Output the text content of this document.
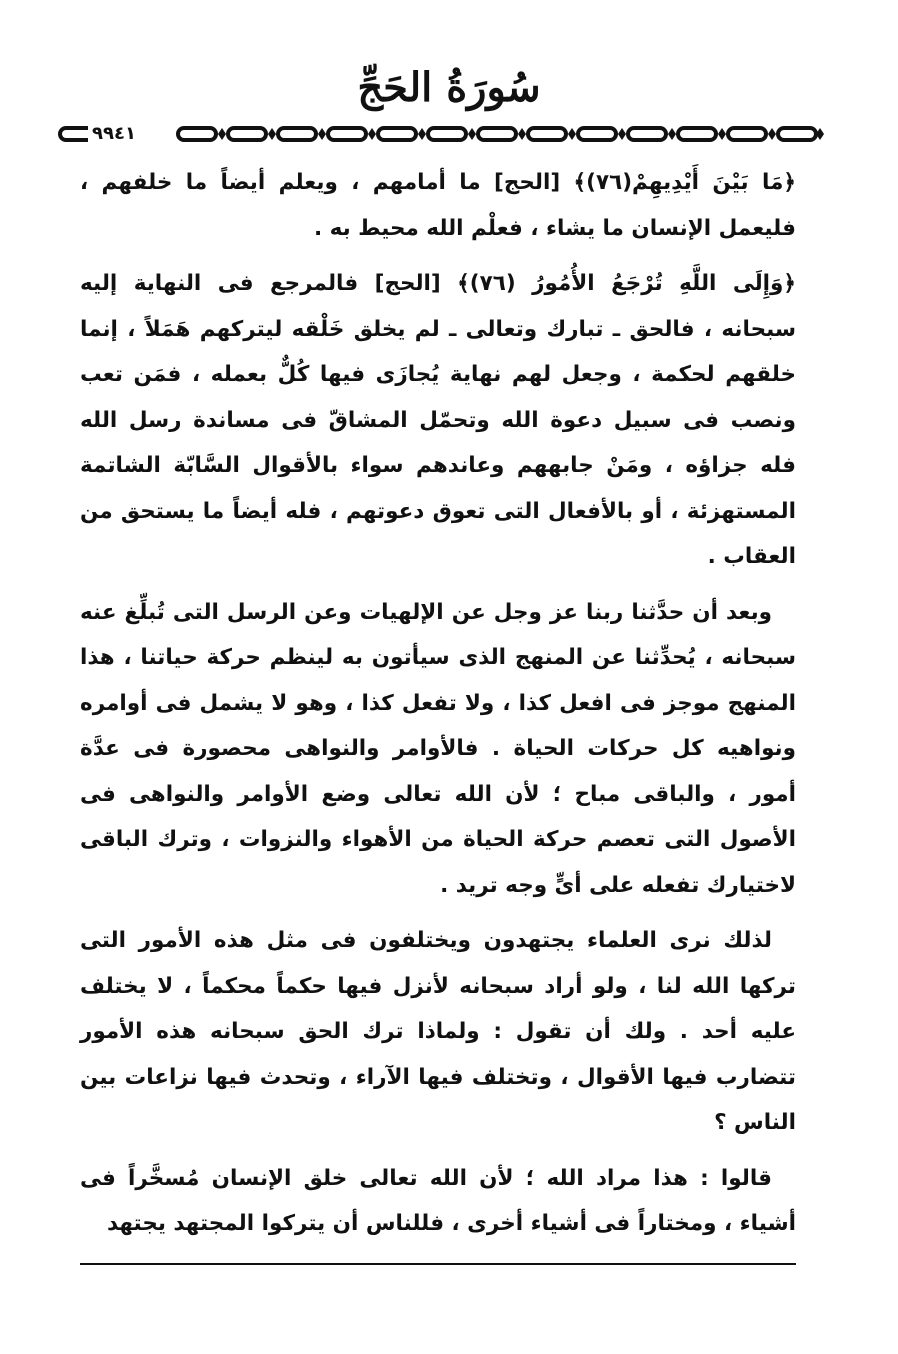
سُورَةُ الحَجِّ
٩٩٤١

﴿مَا بَيْنَ أَيْدِيهِمْ(٧٦)﴾ [الحج] ما أمامهم ، ويعلم أيضاً ما خلفهم ، فليعمل الإنسان ما يشاء ، فعلْم الله محيط به .

﴿وَإِلَى اللَّهِ تُرْجَعُ الأُمُورُ (٧٦)﴾ [الحج] فالمرجع فى النهاية إليه سبحانه ، فالحق ـ تبارك وتعالى ـ لم يخلق خَلْقه ليتركهم هَمَلاً ، إنما خلقهم لحكمة ، وجعل لهم نهاية يُجازَى فيها كُلٌّ بعمله ، فمَن تعب ونصب فى سبيل دعوة الله وتحمّل المشاقّ فى مساندة رسل الله فله جزاؤه ، ومَنْ جابههم وعاندهم سواء بالأقوال السَّابّة الشاتمة المستهزئة ، أو بالأفعال التى تعوق دعوتهم ، فله أيضاً ما يستحق من العقاب .

وبعد أن حدَّثنا ربنا عز وجل عن الإلهيات وعن الرسل التى تُبلِّغ عنه سبحانه ، يُحدِّثنا عن المنهج الذى سيأتون به لينظم حركة حياتنا ، هذا المنهج موجز فى افعل كذا ، ولا تفعل كذا ، وهو لا يشمل فى أوامره ونواهيه كل حركات الحياة . فالأوامر والنواهى محصورة فى عدَّة أمور ، والباقى مباح ؛ لأن الله تعالى وضع الأوامر والنواهى فى الأصول التى تعصم حركة الحياة من الأهواء والنزوات ، وترك الباقى لاختيارك تفعله على أىٍّ وجه تريد .

لذلك نرى العلماء يجتهدون ويختلفون فى مثل هذه الأمور التى تركها الله لنا ، ولو أراد سبحانه لأنزل فيها حكماً محكماً ، لا يختلف عليه أحد . ولك أن تقول : ولماذا ترك الحق سبحانه هذه الأمور تتضارب فيها الأقوال ، وتختلف فيها الآراء ، وتحدث فيها نزاعات بين الناس ؟

قالوا : هذا مراد الله ؛ لأن الله تعالى خلق الإنسان مُسخَّراً فى أشياء ، ومختاراً فى أشياء أخرى ، فللناس أن يتركوا المجتهد يجتهد
